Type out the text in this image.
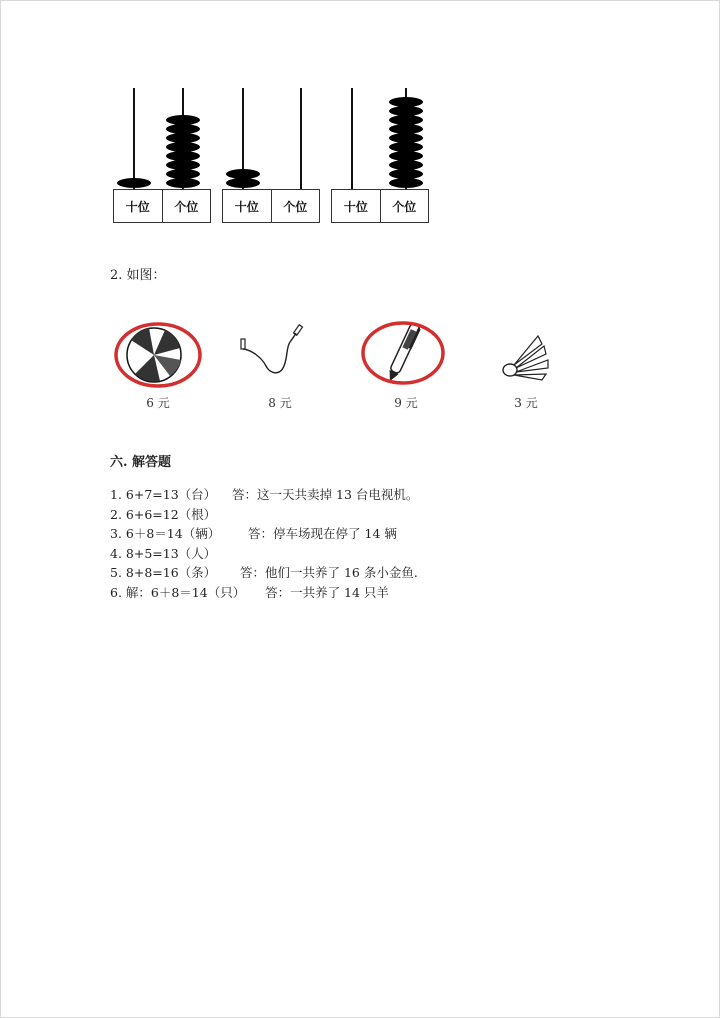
十位	个位	十位	个位	十位	个位
2. 如图：
6 元	8 元	9 元	3 元
六. 解答题
1. 6+7=13（台）    答：这一天共卖掉 13 台电视机。
2. 6+6=12（根）
3. 6＋8＝14（辆）       答：停车场现在停了 14 辆
4. 8+5=13（人）
5. 8+8=16（条）      答：他们一共养了 16 条小金鱼.
6. 解：6＋8＝14（只）     答：一共养了 14 只羊
